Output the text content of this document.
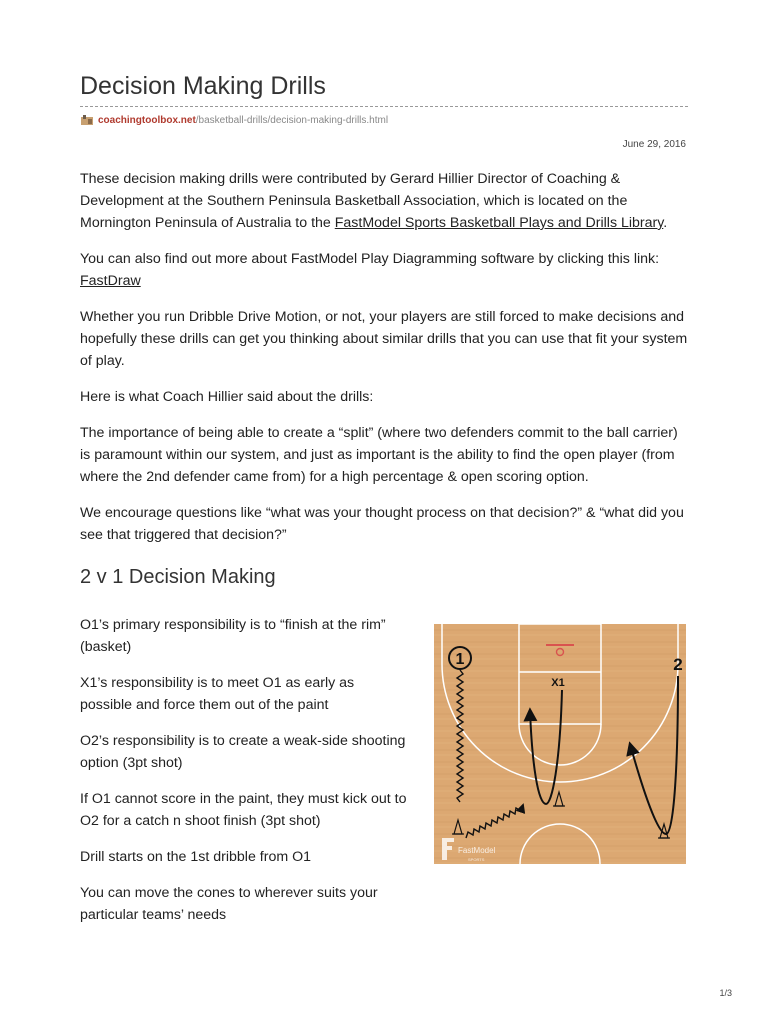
Decision Making Drills
coachingtoolbox.net /basketball-drills/decision-making-drills.html
June 29, 2016

These decision making drills were contributed by Gerard Hillier Director of Coaching & Development at the Southern Peninsula Basketball Association, which is located on the Mornington Peninsula of Australia to the FastModel Sports Basketball Plays and Drills Library.

You can also find out more about FastModel Play Diagramming software by clicking this link: FastDraw

Whether you run Dribble Drive Motion, or not, your players are still forced to make decisions and hopefully these drills can get you thinking about similar drills that you can use that fit your system of play.

Here is what Coach Hillier said about the drills:

The importance of being able to create a “split” (where two defenders commit to the ball carrier) is paramount within our system, and just as important is the ability to find the open player (from where the 2nd defender came from) for a high percentage & open scoring option.

We encourage questions like “what was your thought process on that decision?” & “what did you see that triggered that decision?”

2 v 1 Decision Making

O1’s primary responsibility is to “finish at the rim” (basket)

X1’s responsibility is to meet O1 as early as possible and force them out of the paint

O2’s responsibility is to create a weak-side shooting option (3pt shot)

If O1 cannot score in the paint, they must kick out to O2 for a catch n shoot finish (3pt shot)

Drill starts on the 1st dribble from O1

You can move the cones to wherever suits your particular teams’ needs

1	2
X1
FastModel
SPORTS
1/3
